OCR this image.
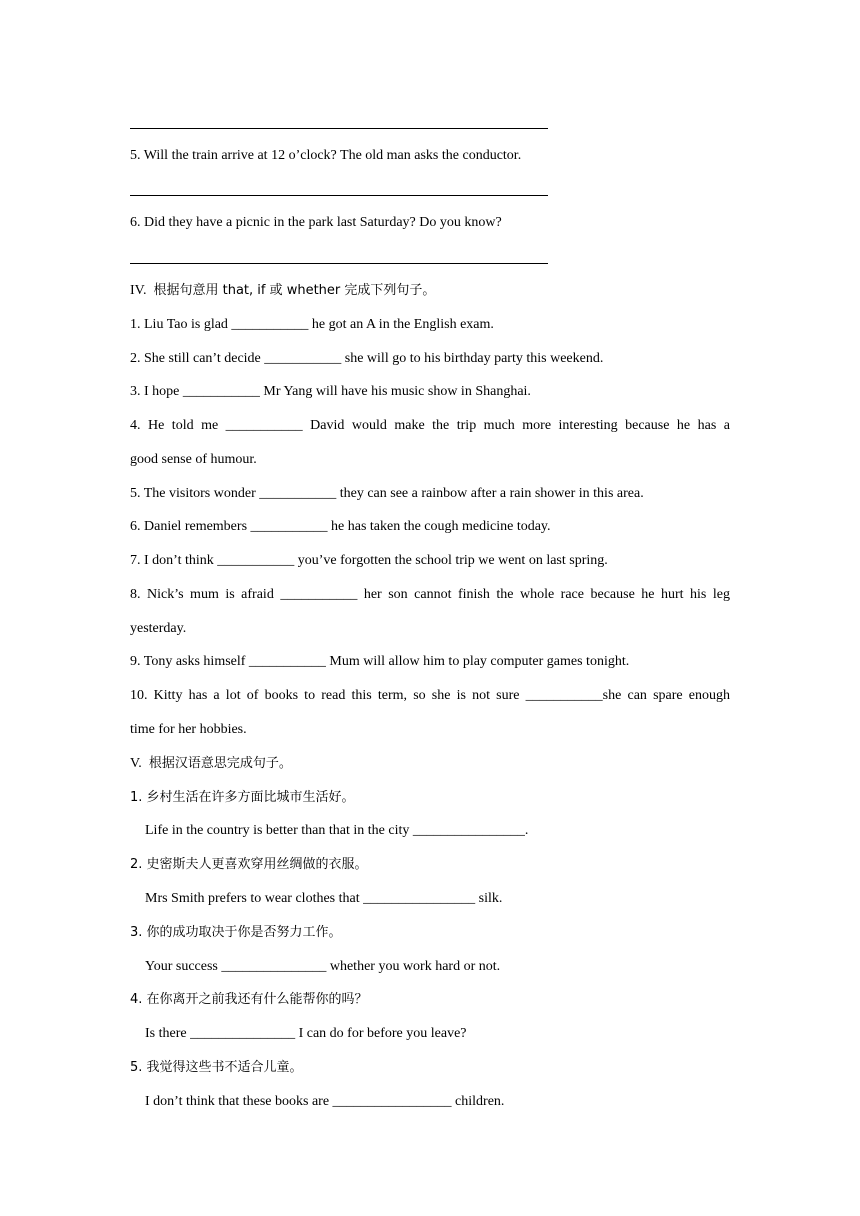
5. Will the train arrive at 12 o’clock? The old man asks the conductor.
6. Did they have a picnic in the park last Saturday? Do you know?
IV. 根据句意用 that, if 或 whether 完成下列句子。
1. Liu Tao is glad ___________ he got an A in the English exam.
2. She still can’t decide ___________ she will go to his birthday party this weekend.
3. I hope ___________ Mr Yang will have his music show in Shanghai.
4. He told me ___________ David would make the trip much more interesting because he has a
good sense of humour.
5. The visitors wonder ___________ they can see a rainbow after a rain shower in this area.
6. Daniel remembers ___________ he has taken the cough medicine today.
7. I don’t think ___________ you’ve forgotten the school trip we went on last spring.
8. Nick’s mum is afraid ___________ her son cannot finish the whole race because he hurt his leg
yesterday.
9. Tony asks himself ___________ Mum will allow him to play computer games tonight.
10. Kitty has a lot of books to read this term, so she is not sure ___________she can spare enough
time for her hobbies.
V. 根据汉语意思完成句子。
1. 乡村生活在许多方面比城市生活好。
Life in the country is better than that in the city ________________.
2. 史密斯夫人更喜欢穿用丝绸做的衣服。
Mrs Smith prefers to wear clothes that ________________ silk.
3. 你的成功取决于你是否努力工作。
Your success _______________ whether you work hard or not.
4. 在你离开之前我还有什么能帮你的吗？
Is there _______________ I can do for before you leave?
5. 我觉得这些书不适合儿童。
I don’t think that these books are _________________ children.
